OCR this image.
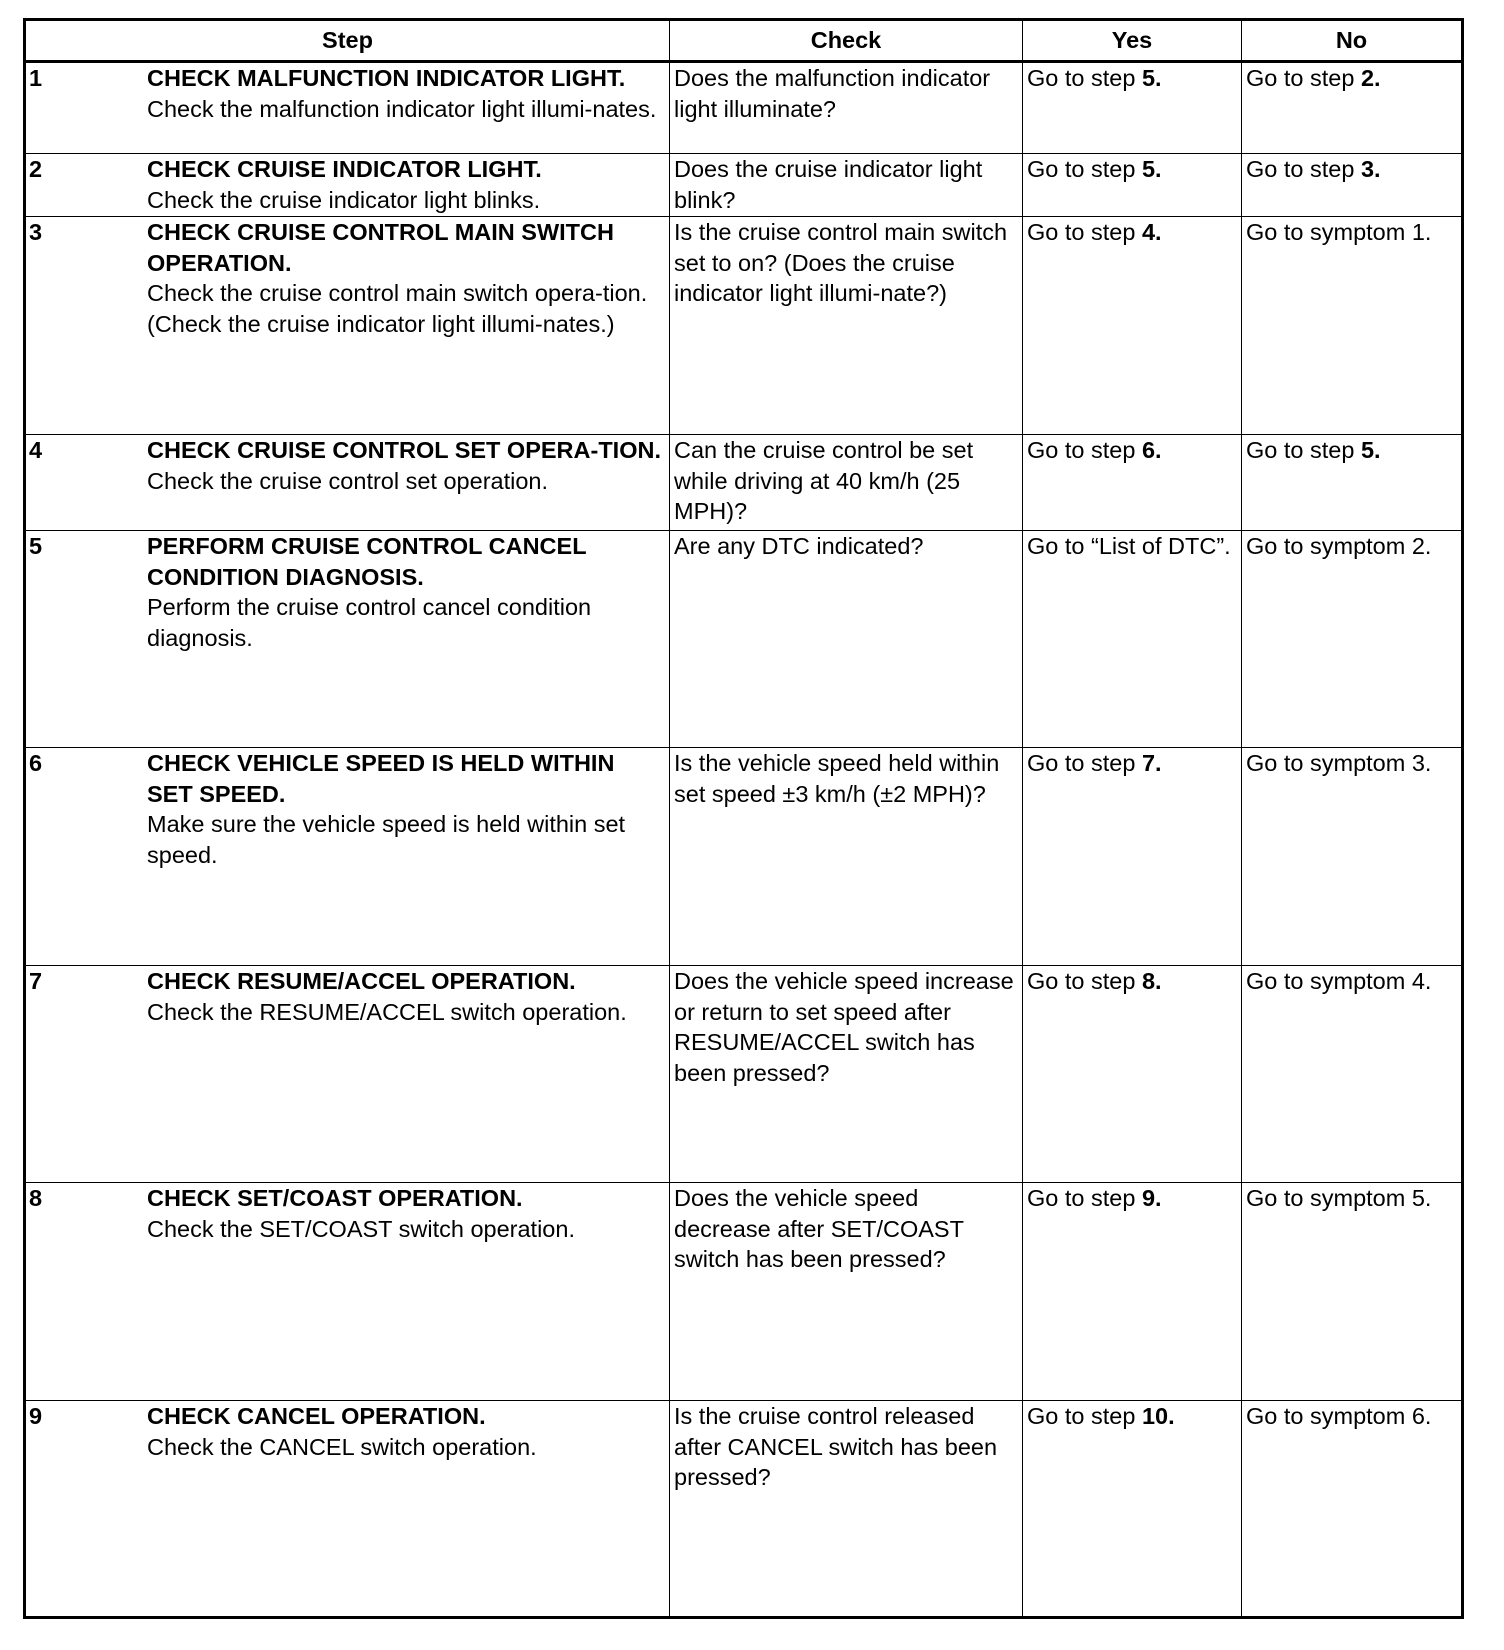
Step	Check	Yes	No

1 CHECK MALFUNCTION INDICATOR LIGHT.
Check the malfunction indicator light illumi-nates.	Does the malfunction indicator light illuminate?	Go to step 5.	Go to step 2.

2 CHECK CRUISE INDICATOR LIGHT.
Check the cruise indicator light blinks.	Does the cruise indicator light blink?	Go to step 5.	Go to step 3.

3 CHECK CRUISE CONTROL MAIN SWITCH OPERATION.
Check the cruise control main switch opera-tion. (Check the cruise indicator light illumi-nates.)	Is the cruise control main switch set to on? (Does the cruise indicator light illumi-nate?)	Go to step 4.	Go to symptom 1.

4 CHECK CRUISE CONTROL SET OPERA-TION.
Check the cruise control set operation.	Can the cruise control be set while driving at 40 km/h (25 MPH)?	Go to step 6.	Go to step 5.

5 PERFORM CRUISE CONTROL CANCEL CONDITION DIAGNOSIS.
Perform the cruise control cancel condition diagnosis.	Are any DTC indicated?	Go to “List of DTC”.	Go to symptom 2.

6 CHECK VEHICLE SPEED IS HELD WITHIN SET SPEED.
Make sure the vehicle speed is held within set speed.	Is the vehicle speed held within set speed ±3 km/h (±2 MPH)?	Go to step 7.	Go to symptom 3.

7 CHECK RESUME/ACCEL OPERATION.
Check the RESUME/ACCEL switch operation.	Does the vehicle speed increase or return to set speed after RESUME/ACCEL switch has been pressed?	Go to step 8.	Go to symptom 4.

8 CHECK SET/COAST OPERATION.
Check the SET/COAST switch operation.	Does the vehicle speed decrease after SET/COAST switch has been pressed?	Go to step 9.	Go to symptom 5.

9 CHECK CANCEL OPERATION.
Check the CANCEL switch operation.	Is the cruise control released after CANCEL switch has been pressed?	Go to step 10.	Go to symptom 6.
